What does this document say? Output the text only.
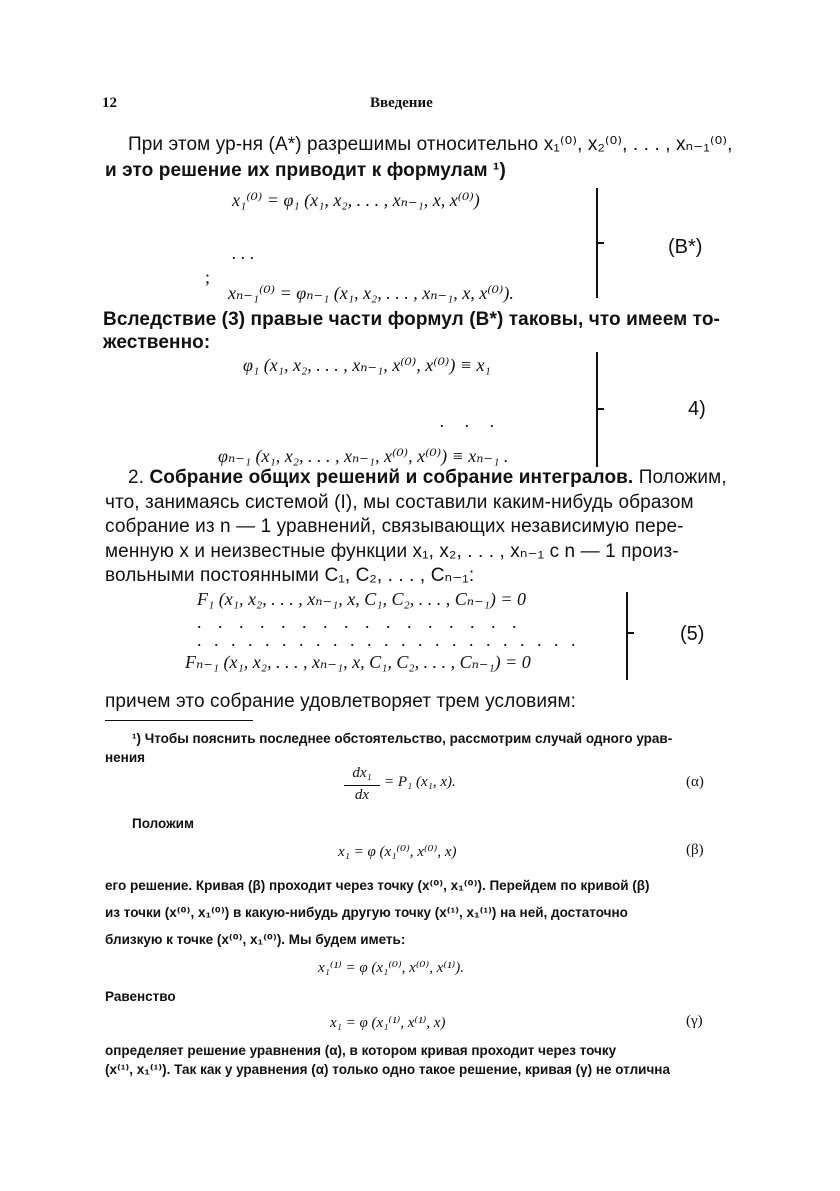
12	Введение
При этом ур-ня (A*) разрешимы относительно x₁⁽⁰⁾, x₂⁽⁰⁾, . . . , xₙ₋₁⁽⁰⁾,
и это решение их приводит к формулам ¹)
x₁⁽⁰⁾ = φ₁ (x₁, x₂, . . . , xₙ₋₁, x, x⁽⁰⁾)
. . .
;
xₙ₋₁⁽⁰⁾ = φₙ₋₁ (x₁, x₂, . . . , xₙ₋₁, x, x⁽⁰⁾).
(B*)
Вследствие (3) правые части формул (B*) таковы, что имеем то-
жественно:
φ₁ (x₁, x₂, . . . , xₙ₋₁, x⁽⁰⁾, x⁽⁰⁾) ≡ x₁
. . .
φₙ₋₁ (x₁, x₂, . . . , xₙ₋₁, x⁽⁰⁾, x⁽⁰⁾) ≡ xₙ₋₁ .
4)
2. Собрание общих решений и собрание интегралов. Положим,
что, занимаясь системой (I), мы составили каким-нибудь образом
собрание из n — 1 уравнений, связывающих независимую пере-
менную x и неизвестные функции x₁, x₂, . . . , xₙ₋₁ с n — 1 произ-
вольными постоянными C₁, C₂, . . . , Cₙ₋₁:
F₁ (x₁, x₂, . . . , xₙ₋₁, x, C₁, C₂, . . . , Cₙ₋₁) = 0
. . . . . . . . . . . . . . . .
. . . . . . . . . . . . . . . . . . . . . . .
Fₙ₋₁ (x₁, x₂, . . . , xₙ₋₁, x, C₁, C₂, . . . , Cₙ₋₁) = 0
(5)
причем это собрание удовлетворяет трем условиям:
¹) Чтобы пояснить последнее обстоятельство, рассмотрим случай одного урав-
нения
dx₁
dx
= P₁ (x₁, x).	(α)
Положим
x₁ = φ (x₁⁽⁰⁾, x⁽⁰⁾, x)	(β)
его решение. Кривая (β) проходит через точку (x⁽⁰⁾, x₁⁽⁰⁾). Перейдем по кривой (β)
из точки (x⁽⁰⁾, x₁⁽⁰⁾) в какую-нибудь другую точку (x⁽¹⁾, x₁⁽¹⁾) на ней, достаточно
близкую к точке (x⁽⁰⁾, x₁⁽⁰⁾). Мы будем иметь:
x₁⁽¹⁾ = φ (x₁⁽⁰⁾, x⁽⁰⁾, x⁽¹⁾).
Равенство
x₁ = φ (x₁⁽¹⁾, x⁽¹⁾, x)	(γ)
определяет решение уравнения (α), в котором кривая проходит через точку
(x⁽¹⁾, x₁⁽¹⁾). Так как у уравнения (α) только одно такое решение, кривая (γ) не отлична
